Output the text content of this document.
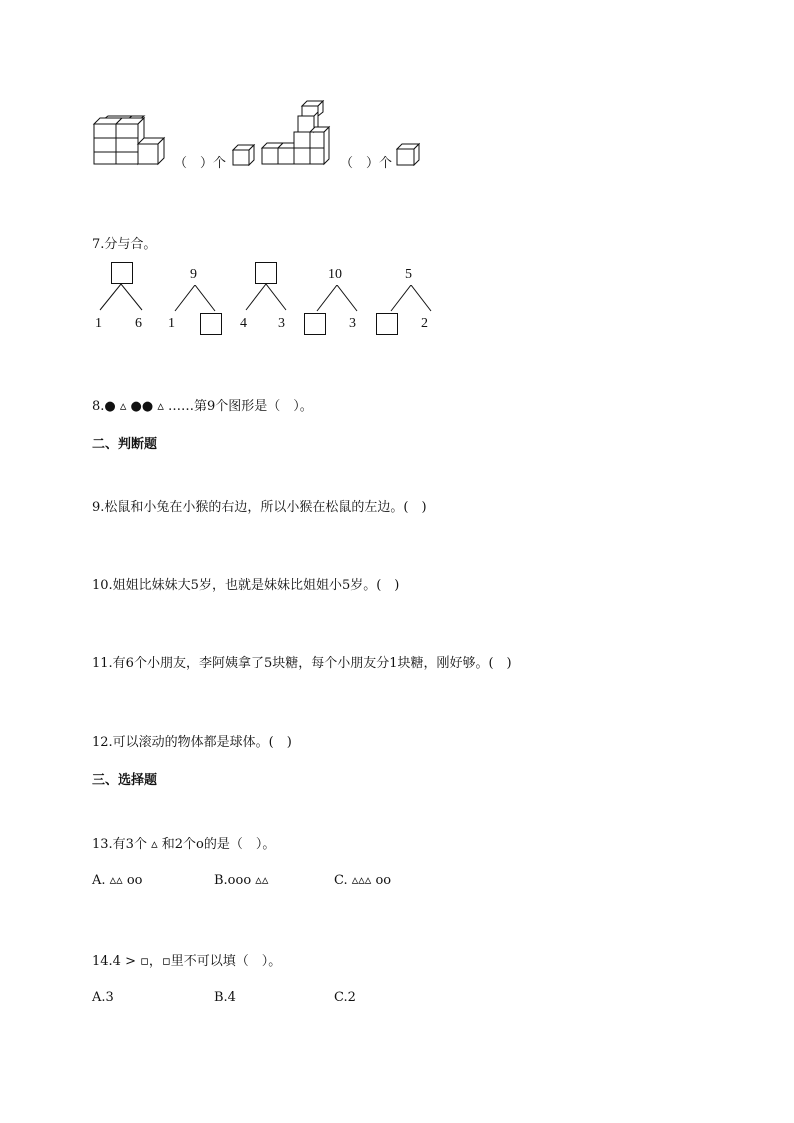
（　）个	（　）个
7.分与合。
1 6
9
1	4 3
10
3
5
2
8.● ▵ ●● ▵ ……第9个图形是（　）。
二、判断题
9.松鼠和小兔在小猴的右边，所以小猴在松鼠的左边。(　)
10.姐姐比妹妹大5岁，也就是妹妹比姐姐小5岁。(　)
11.有6个小朋友，李阿姨拿了5块糖，每个小朋友分1块糖，刚好够。(　)
12.可以滚动的物体都是球体。(　)
三、选择题
13.有3个 ▵ 和2个o的是（　）。
A. ▵▵ oo	B.ooo ▵▵	C. ▵▵▵ oo
14.4 > ▫，▫里不可以填（　）。
A.3	B.4	C.2
